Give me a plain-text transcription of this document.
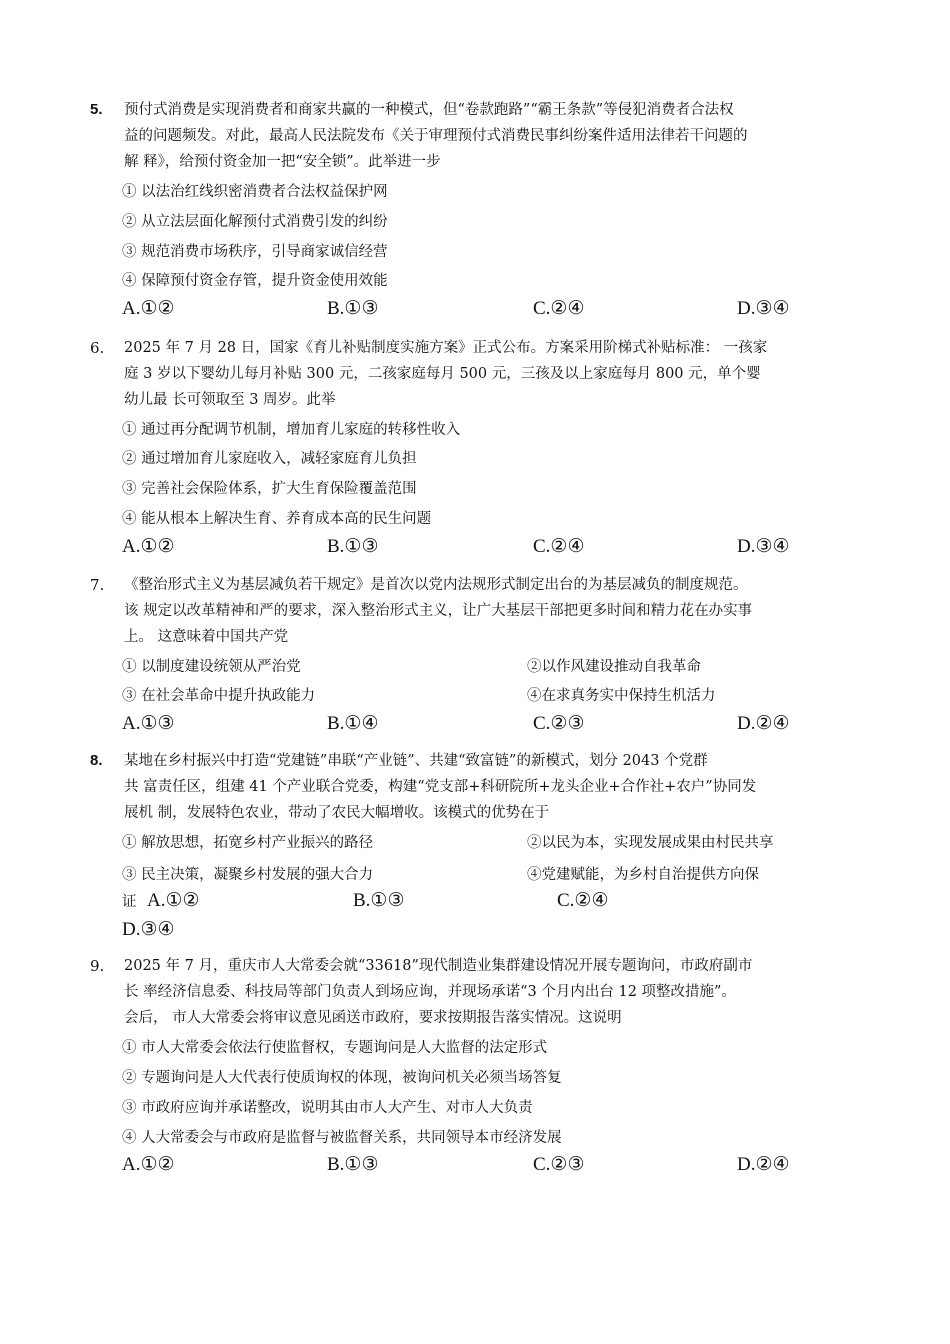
5. 预付式消费是实现消费者和商家共赢的一种模式，但“卷款跑路”“霸王条款”等侵犯消费者合法权
益的问题频发。对此，最高人民法院发布《关于审理预付式消费民事纠纷案件适用法律若干问题的
解 释》，给预付资金加一把“安全锁”。此举进一步
① 以法治红线织密消费者合法权益保护网
② 从立法层面化解预付式消费引发的纠纷
③ 规范消费市场秩序，引导商家诚信经营
④ 保障预付资金存管，提升资金使用效能
A.①②	B.①③	C.②④	D.③④
6. 2025 年 7 月 28 日，国家《育儿补贴制度实施方案》正式公布。方案采用阶梯式补贴标准： 一孩家
庭 3 岁以下婴幼儿每月补贴 300 元，二孩家庭每月 500 元，三孩及以上家庭每月 800 元，单个婴
幼儿最 长可领取至 3 周岁。此举
① 通过再分配调节机制，增加育儿家庭的转移性收入
② 通过增加育儿家庭收入，减轻家庭育儿负担
③ 完善社会保险体系，扩大生育保险覆盖范围
④ 能从根本上解决生育、养育成本高的民生问题
A.①②	B.①③	C.②④	D.③④
7. 《整治形式主义为基层减负若干规定》是首次以党内法规形式制定出台的为基层减负的制度规范。
该 规定以改革精神和严的要求，深入整治形式主义，让广大基层干部把更多时间和精力花在办实事
上。 这意味着中国共产党
① 以制度建设统领从严治党	②以作风建设推动自我革命
③ 在社会革命中提升执政能力	④在求真务实中保持生机活力
A.①③	B.①④	C.②③	D.②④
8. 某地在乡村振兴中打造“党建链”串联“产业链”、共建“致富链”的新模式，划分 2043 个党群
共 富责任区，组建 41 个产业联合党委，构建“党支部+科研院所+龙头企业+合作社+农户”协同发
展机 制，发展特色农业，带动了农民大幅增收。该模式的优势在于
① 解放思想，拓宽乡村产业振兴的路径	②以民为本，实现发展成果由村民共享
③ 民主决策，凝聚乡村发展的强大合力	④党建赋能，为乡村自治提供方向保
证 A.①②	B.①③	C.②④
D.③④
9. 2025 年 7 月，重庆市人大常委会就“33618”现代制造业集群建设情况开展专题询问，市政府副市
长 率经济信息委、科技局等部门负责人到场应询，并现场承诺“3 个月内出台 12 项整改措施”。
会后， 市人大常委会将审议意见函送市政府，要求按期报告落实情况。这说明
① 市人大常委会依法行使监督权，专题询问是人大监督的法定形式
② 专题询问是人大代表行使质询权的体现，被询问机关必须当场答复
③ 市政府应询并承诺整改，说明其由市人大产生、对市人大负责
④ 人大常委会与市政府是监督与被监督关系，共同领导本市经济发展
A.①②	B.①③	C.②③	D.②④
